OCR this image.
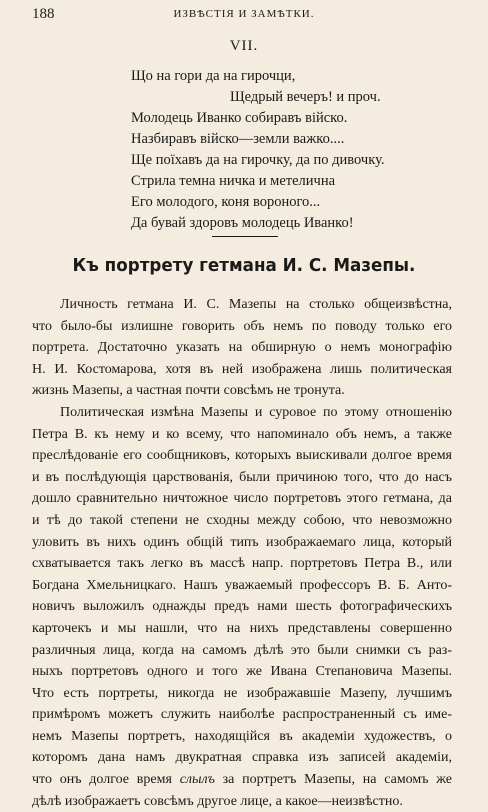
188	ИЗВѢСТІЯ И ЗАМѢТКИ.
VII.
Що на гори да на гирочци,
Щедрый вечеръ! и проч.
Молодець Иванко собиравъ війско.
Назбиравъ війско—земли важко....
Ще поїхавъ да на гирочку, да по дивочку.
Стрила темна ничка и метелична
Его молодого, коня вороного...
Да бувай здоровъ молодець Иванко!
Къ портрету гетмана И. С. Мазепы.
Личность гетмана И. С. Мазепы на столько общеизвѣстна,
что было-бы излишне говорить объ немъ по поводу только его
портрета. Достаточно указать на обширную о немъ монографію
Н. И. Костомарова, хотя въ ней изображена лишь политическая
жизнь Мазепы, а частная почти совсѣмъ не тронута.
Политическая измѣна Мазепы и суровое по этому отношенію
Петра В. къ нему и ко всему, что напоминало объ немъ, а также
преслѣдованіе его сообщниковъ, которыхъ выискивали долгое время
и въ послѣдующія царствованія, были причиною того, что до насъ
дошло сравнительно ничтожное число портретовъ этого гетмана, да
и тѣ до такой степени не сходны между собою, что невозможно
уловить въ нихъ одинъ общій типъ изображаемаго лица, который
схватывается такъ легко въ массѣ напр. портретовъ Петра В., или
Богдана Хмельницкаго. Нашъ уважаемый профессоръ В. Б. Анто-
новичъ выложилъ однажды предъ нами шесть фотографическихъ
карточекъ и мы нашли, что на нихъ представлены совершенно
различныя лица, когда на самомъ дѣлѣ это были снимки съ раз-
ныхъ портретовъ одного и того же Ивана Степановича Мазепы.
Что есть портреты, никогда не изображавшіе Мазепу, лучшимъ
примѣромъ можетъ служить наиболѣе распространенный съ име-
немъ Мазепы портретъ, находящійся въ академіи художествъ, о
которомъ дана намъ двукратная справка изъ записей академіи,
что онъ долгое время слылъ за портретъ Мазепы, на самомъ же
дѣлѣ изображаетъ совсѣмъ другое лице, а какое—неизвѣстно.
